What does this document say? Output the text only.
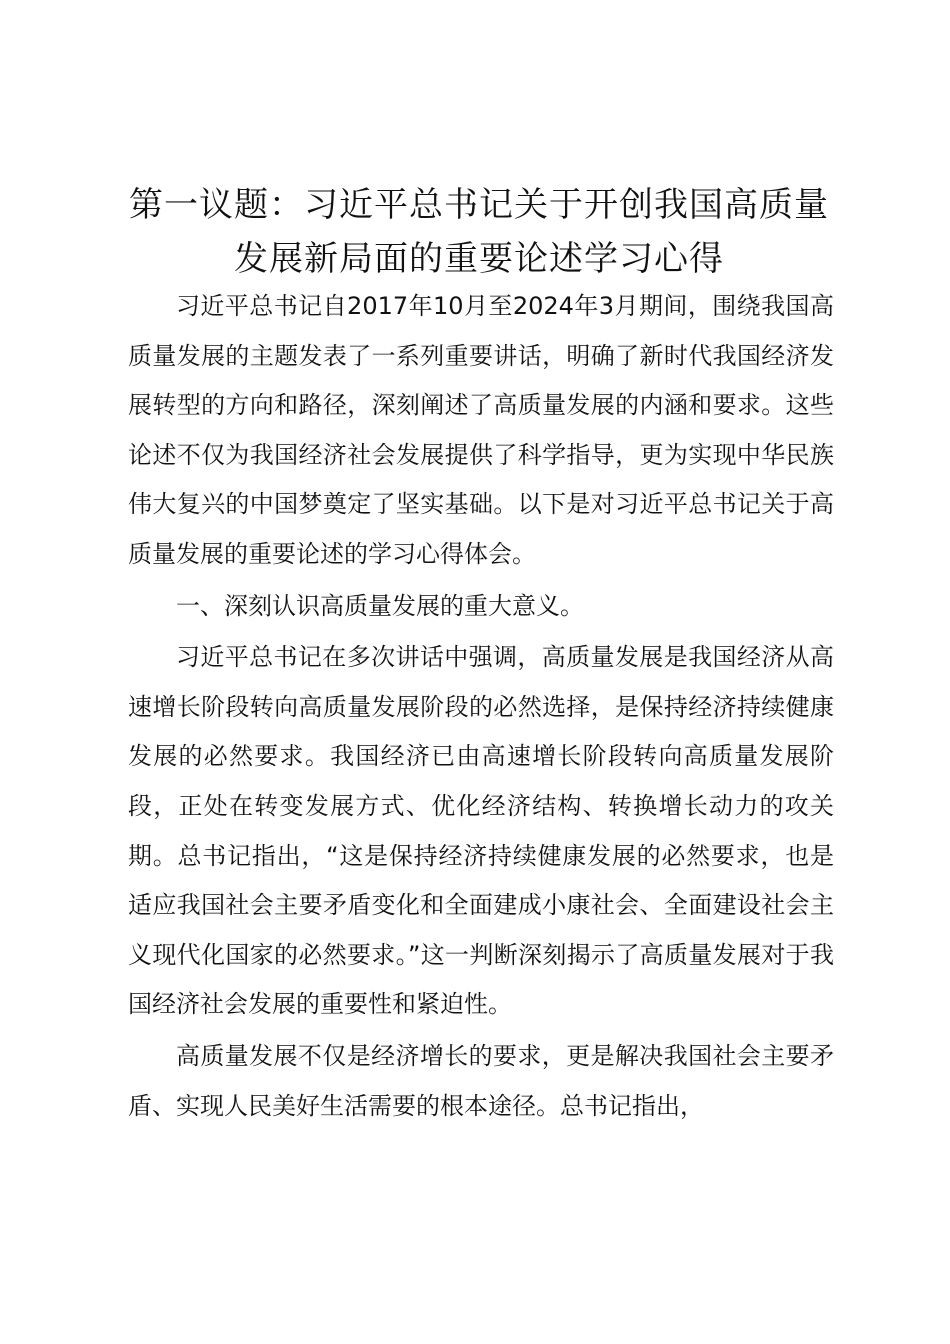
第一议题：习近平总书记关于开创我国高质量发展新局面的重要论述学习心得

习近平总书记自2017年10月至2024年3月期间，围绕我国高质量发展的主题发表了一系列重要讲话，明确了新时代我国经济发展转型的方向和路径，深刻阐述了高质量发展的内涵和要求。这些论述不仅为我国经济社会发展提供了科学指导，更为实现中华民族伟大复兴的中国梦奠定了坚实基础。以下是对习近平总书记关于高质量发展的重要论述的学习心得体会。

一、深刻认识高质量发展的重大意义。

习近平总书记在多次讲话中强调，高质量发展是我国经济从高速增长阶段转向高质量发展阶段的必然选择，是保持经济持续健康发展的必然要求。我国经济已由高速增长阶段转向高质量发展阶段，正处在转变发展方式、优化经济结构、转换增长动力的攻关期。总书记指出，“这是保持经济持续健康发展的必然要求，也是适应我国社会主要矛盾变化和全面建成小康社会、全面建设社会主义现代化国家的必然要求。”这一判断深刻揭示了高质量发展对于我国经济社会发展的重要性和紧迫性。

高质量发展不仅是经济增长的要求，更是解决我国社会主要矛盾、实现人民美好生活需要的根本途径。总书记指出，
